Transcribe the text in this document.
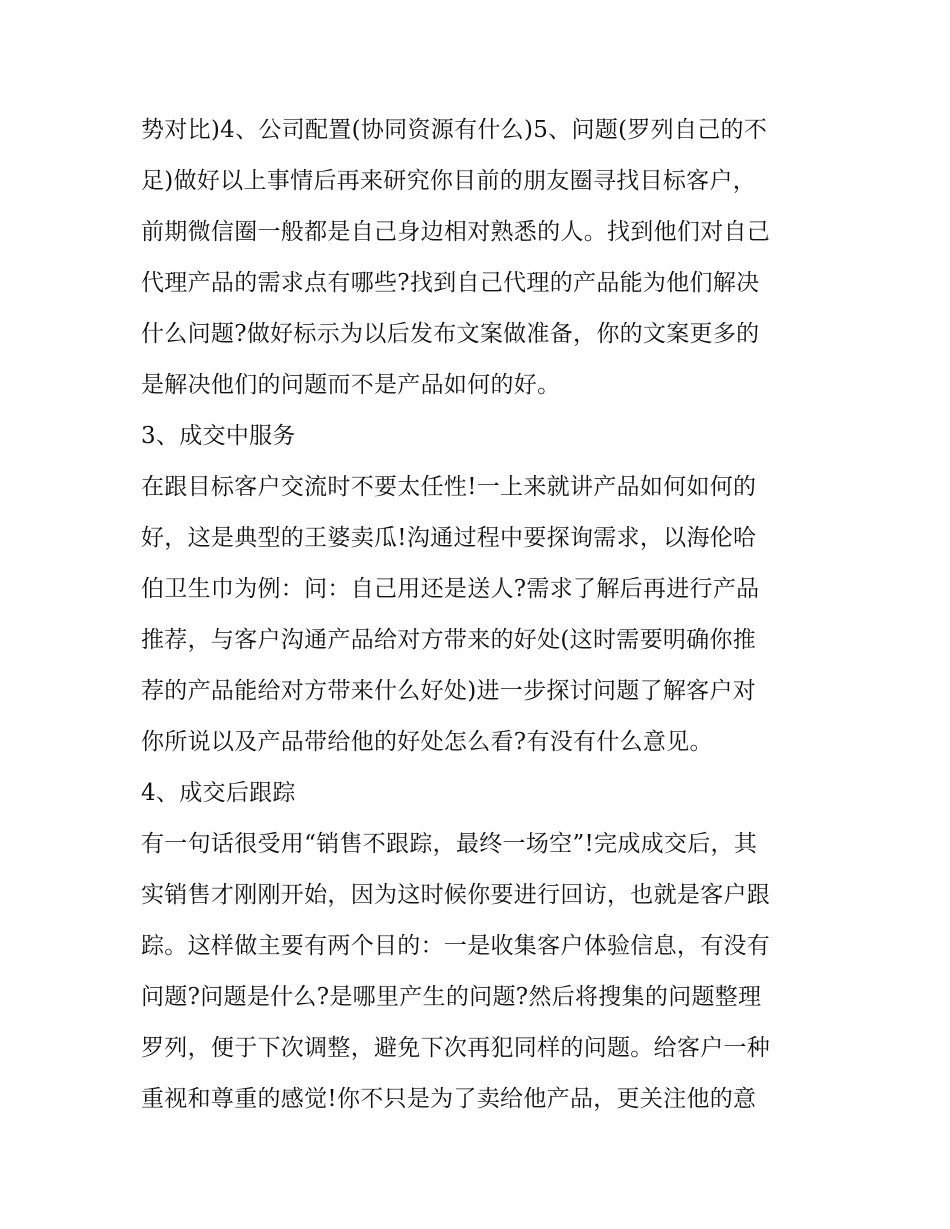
势对比)4、公司配置(协同资源有什么)5、问题(罗列自己的不
足)做好以上事情后再来研究你目前的朋友圈寻找目标客户，
前期微信圈一般都是自己身边相对熟悉的人。找到他们对自己
代理产品的需求点有哪些?找到自己代理的产品能为他们解决
什么问题?做好标示为以后发布文案做准备，你的文案更多的
是解决他们的问题而不是产品如何的好。
3、成交中服务
在跟目标客户交流时不要太任性!一上来就讲产品如何如何的
好，这是典型的王婆卖瓜!沟通过程中要探询需求，以海伦哈
伯卫生巾为例：问：自己用还是送人?需求了解后再进行产品
推荐，与客户沟通产品给对方带来的好处(这时需要明确你推
荐的产品能给对方带来什么好处)进一步探讨问题了解客户对
你所说以及产品带给他的好处怎么看?有没有什么意见。
4、成交后跟踪
有一句话很受用“销售不跟踪，最终一场空”!完成成交后，其
实销售才刚刚开始，因为这时候你要进行回访，也就是客户跟
踪。这样做主要有两个目的：一是收集客户体验信息，有没有
问题?问题是什么?是哪里产生的问题?然后将搜集的问题整理
罗列，便于下次调整，避免下次再犯同样的问题。给客户一种
重视和尊重的感觉!你不只是为了卖给他产品，更关注他的意
